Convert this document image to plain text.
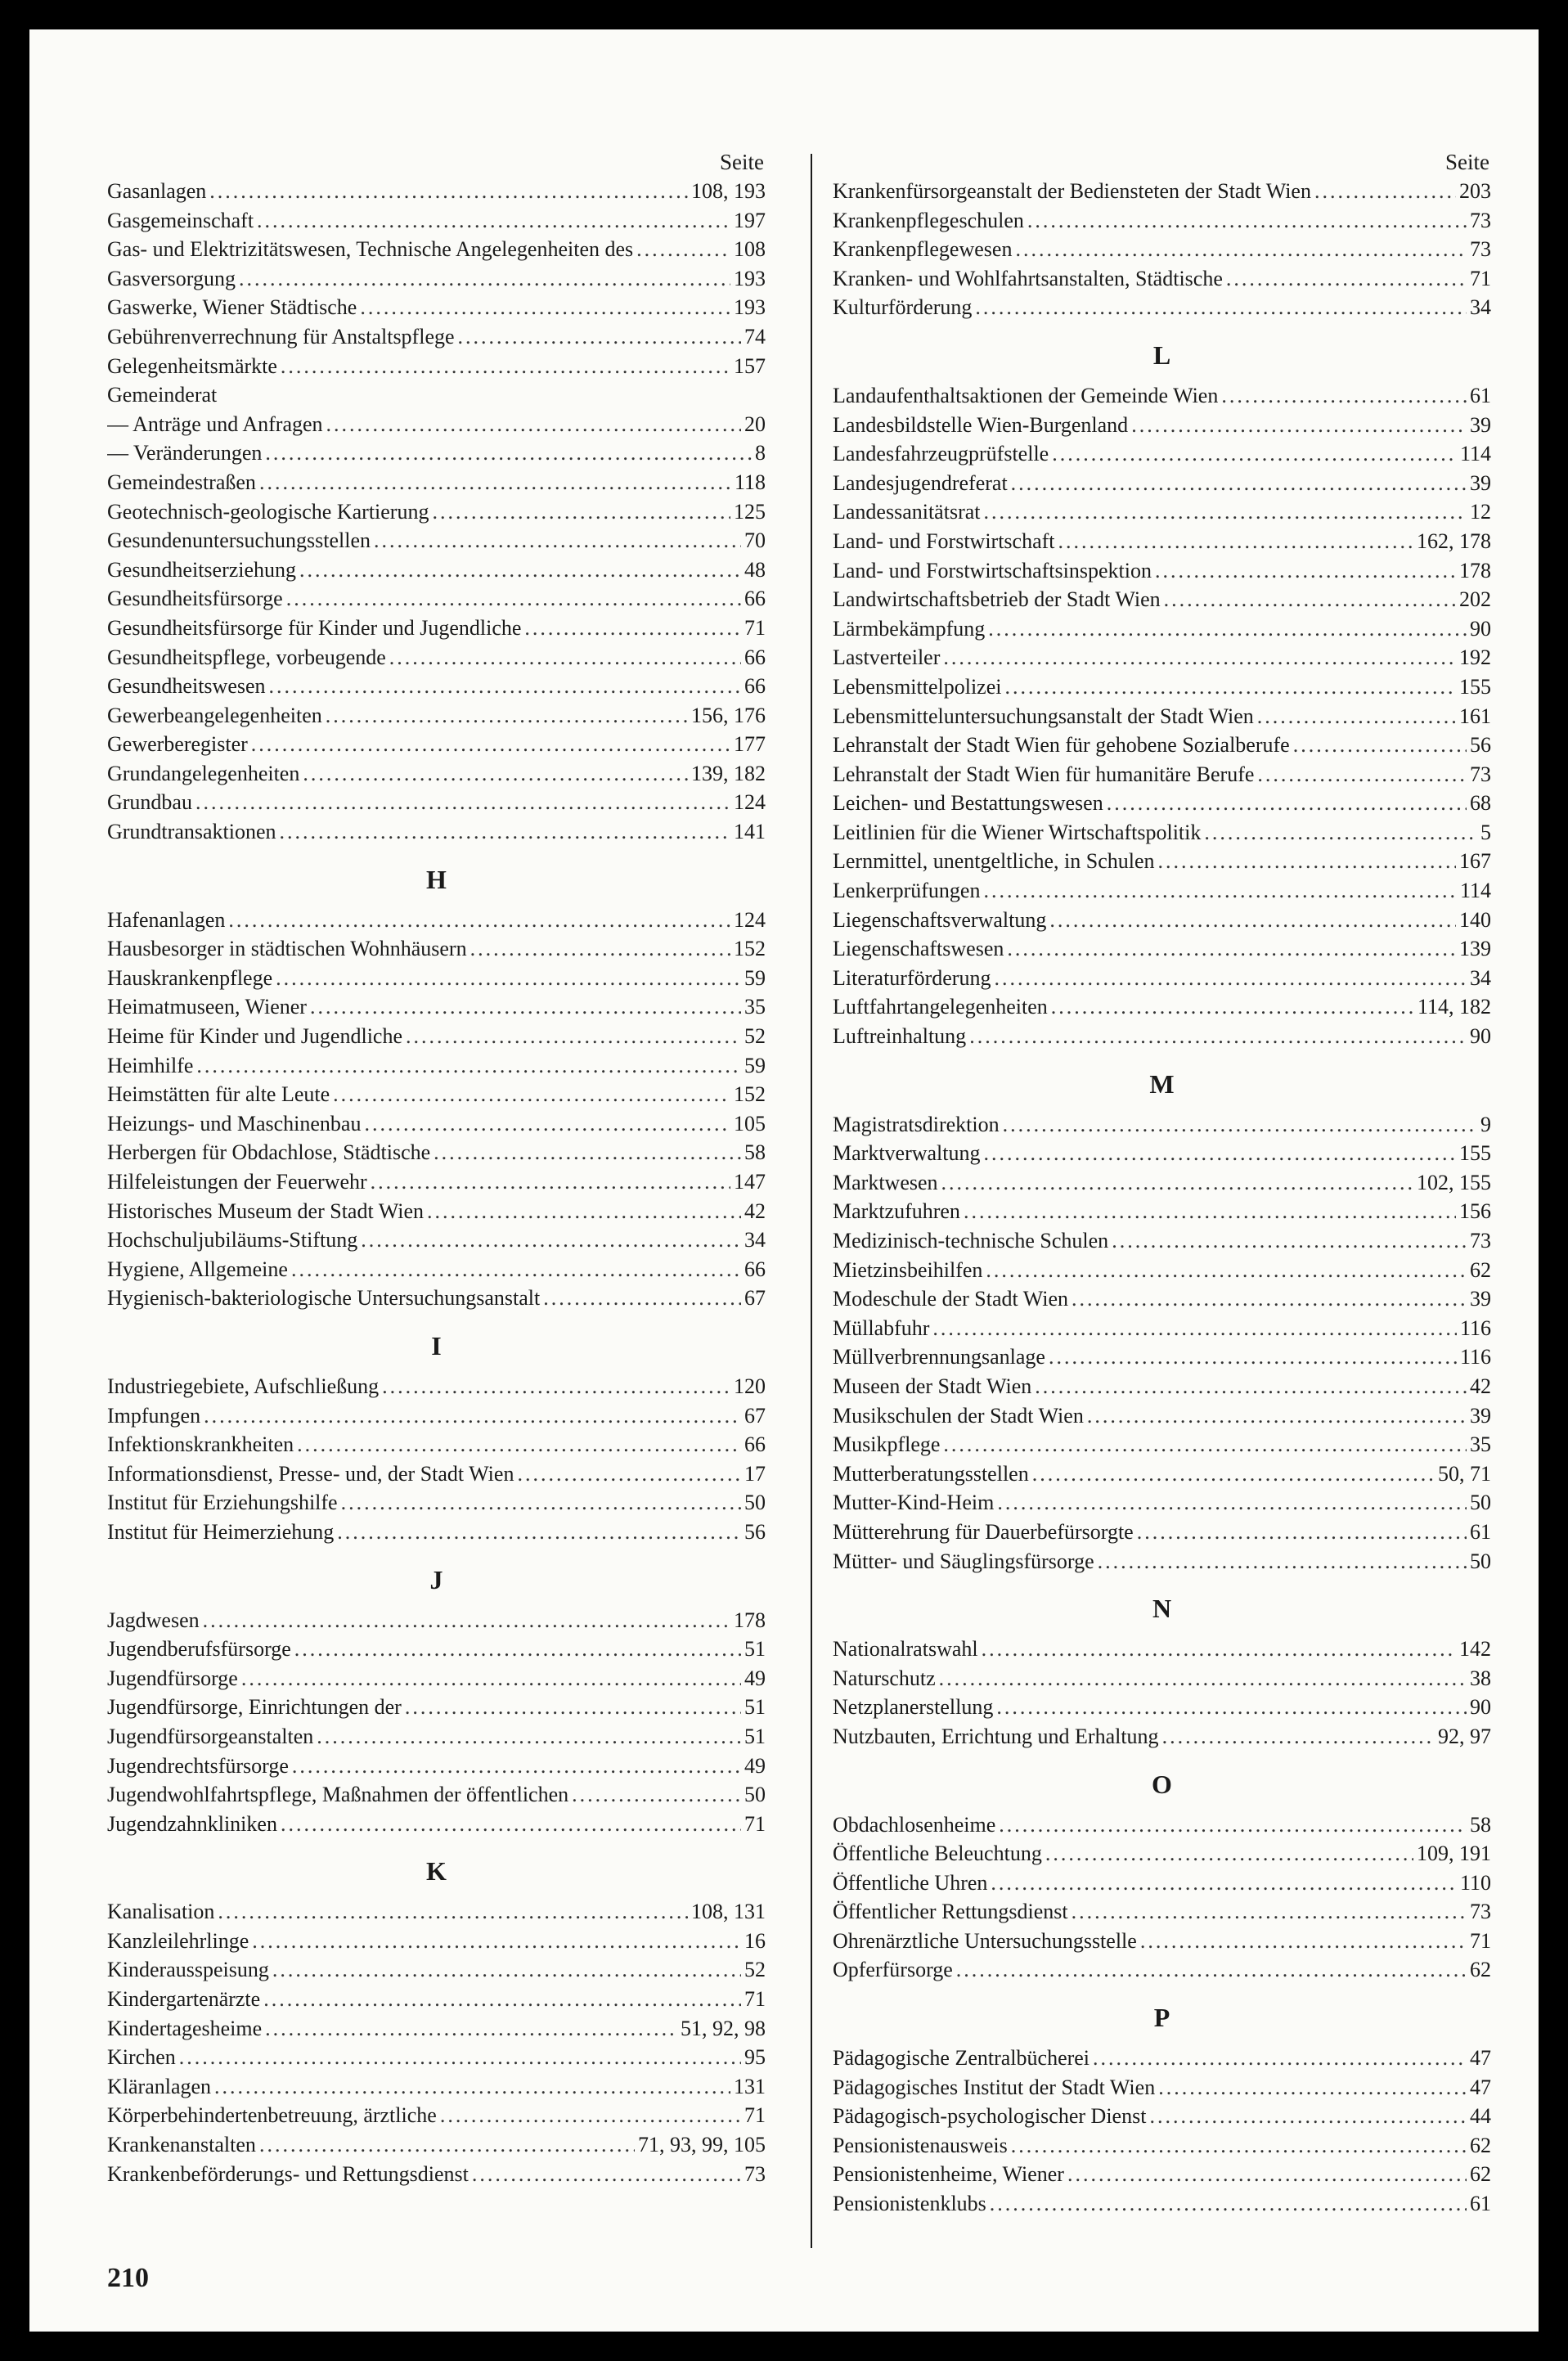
Seite
Gasanlagen .....	108, 193
Gasgemeinschaft .....	197
Gas- und Elektrizitätswesen, Technische Angelegenheiten des .....	108
Gasversorgung .....	193
Gaswerke, Wiener Städtische .....	193
Gebührenverrechnung für Anstaltspflege .....	74
Gelegenheitsmärkte .....	157
Gemeinderat
— Anträge und Anfragen .....	20
— Veränderungen .....	8
Gemeindestraßen .....	118
Geotechnisch-geologische Kartierung .....	125
Gesundenuntersuchungsstellen .....	70
Gesundheitserziehung .....	48
Gesundheitsfürsorge .....	66
Gesundheitsfürsorge für Kinder und Jugendliche .....	71
Gesundheitspflege, vorbeugende .....	66
Gesundheitswesen .....	66
Gewerbeangelegenheiten .....	156, 176
Gewerberegister .....	177
Grundangelegenheiten .....	139, 182
Grundbau .....	124
Grundtransaktionen .....	141
H
Hafenanlagen .....	124
Hausbesorger in städtischen Wohnhäusern .....	152
Hauskrankenpflege .....	59
Heimatmuseen, Wiener .....	35
Heime für Kinder und Jugendliche .....	52
Heimhilfe .....	59
Heimstätten für alte Leute .....	152
Heizungs- und Maschinenbau .....	105
Herbergen für Obdachlose, Städtische .....	58
Hilfeleistungen der Feuerwehr .....	147
Historisches Museum der Stadt Wien .....	42
Hochschuljubiläums-Stiftung .....	34
Hygiene, Allgemeine .....	66
Hygienisch-bakteriologische Untersuchungsanstalt .....	67
I
Industriegebiete, Aufschließung .....	120
Impfungen .....	67
Infektionskrankheiten .....	66
Informationsdienst, Presse- und, der Stadt Wien .....	17
Institut für Erziehungshilfe .....	50
Institut für Heimerziehung .....	56
J
Jagdwesen .....	178
Jugendberufsfürsorge .....	51
Jugendfürsorge .....	49
Jugendfürsorge, Einrichtungen der .....	51
Jugendfürsorgeanstalten .....	51
Jugendrechtsfürsorge .....	49
Jugendwohlfahrtspflege, Maßnahmen der öffentlichen .....	50
Jugendzahnkliniken .....	71
K
Kanalisation .....	108, 131
Kanzleilehrlinge .....	16
Kinderausspeisung .....	52
Kindergartenärzte .....	71
Kindertagesheime .....	51, 92, 98
Kirchen .....	95
Kläranlagen .....	131
Körperbehindertenbetreuung, ärztliche .....	71
Krankenanstalten .....	71, 93, 99, 105
Krankenbeförderungs- und Rettungsdienst .....	73
Seite
Krankenfürsorgeanstalt der Bediensteten der Stadt Wien .....	203
Krankenpflegeschulen .....	73
Krankenpflegewesen .....	73
Kranken- und Wohlfahrtsanstalten, Städtische .....	71
Kulturförderung .....	34
L
Landaufenthaltsaktionen der Gemeinde Wien .....	61
Landesbildstelle Wien-Burgenland .....	39
Landesfahrzeugprüfstelle .....	114
Landesjugendreferat .....	39
Landessanitätsrat .....	12
Land- und Forstwirtschaft .....	162, 178
Land- und Forstwirtschaftsinspektion .....	178
Landwirtschaftsbetrieb der Stadt Wien .....	202
Lärmbekämpfung .....	90
Lastverteiler .....	192
Lebensmittelpolizei .....	155
Lebensmitteluntersuchungsanstalt der Stadt Wien .....	161
Lehranstalt der Stadt Wien für gehobene Sozialberufe .....	56
Lehranstalt der Stadt Wien für humanitäre Berufe .....	73
Leichen- und Bestattungswesen .....	68
Leitlinien für die Wiener Wirtschaftspolitik .....	5
Lernmittel, unentgeltliche, in Schulen .....	167
Lenkerprüfungen .....	114
Liegenschaftsverwaltung .....	140
Liegenschaftswesen .....	139
Literaturförderung .....	34
Luftfahrtangelegenheiten .....	114, 182
Luftreinhaltung .....	90
M
Magistratsdirektion .....	9
Marktverwaltung .....	155
Marktwesen .....	102, 155
Marktzufuhren .....	156
Medizinisch-technische Schulen .....	73
Mietzinsbeihilfen .....	62
Modeschule der Stadt Wien .....	39
Müllabfuhr .....	116
Müllverbrennungsanlage .....	116
Museen der Stadt Wien .....	42
Musikschulen der Stadt Wien .....	39
Musikpflege .....	35
Mutterberatungsstellen .....	50, 71
Mutter-Kind-Heim .....	50
Mütterehrung für Dauerbefürsorgte .....	61
Mütter- und Säuglingsfürsorge .....	50
N
Nationalratswahl .....	142
Naturschutz .....	38
Netzplanerstellung .....	90
Nutzbauten, Errichtung und Erhaltung .....	92, 97
O
Obdachlosenheime .....	58
Öffentliche Beleuchtung .....	109, 191
Öffentliche Uhren .....	110
Öffentlicher Rettungsdienst .....	73
Ohrenärztliche Untersuchungsstelle .....	71
Opferfürsorge .....	62
P
Pädagogische Zentralbücherei .....	47
Pädagogisches Institut der Stadt Wien .....	47
Pädagogisch-psychologischer Dienst .....	44
Pensionistenausweis .....	62
Pensionistenheime, Wiener .....	62
Pensionistenklubs .....	61
210
